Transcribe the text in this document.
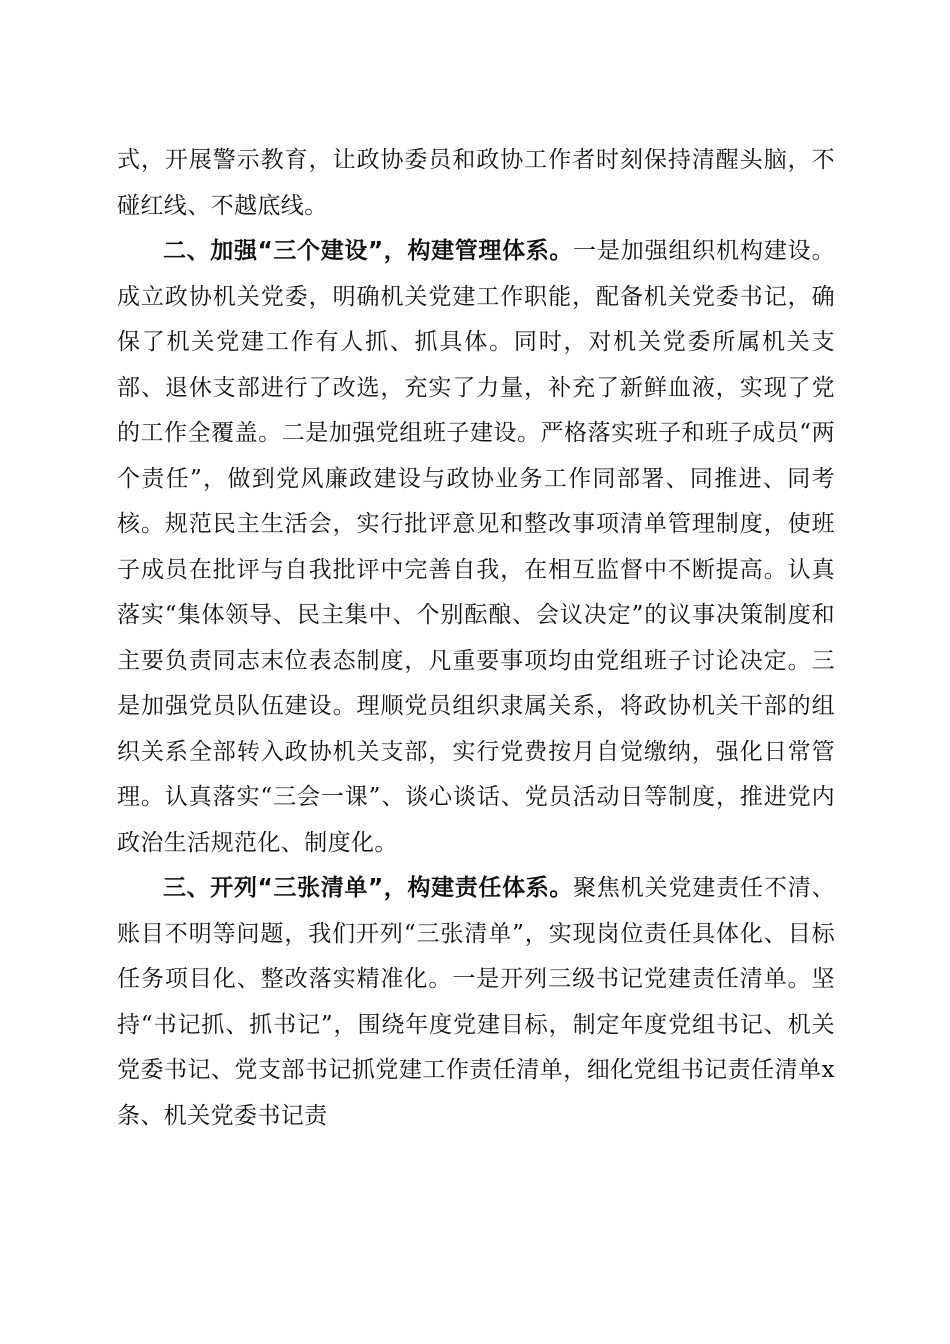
式，开展警示教育，让政协委员和政协工作者时刻保持清醒头脑，不碰红线、不越底线。

二、加强“三个建设”，构建管理体系。一是加强组织机构建设。成立政协机关党委，明确机关党建工作职能，配备机关党委书记，确保了机关党建工作有人抓、抓具体。同时，对机关党委所属机关支部、退休支部进行了改选，充实了力量，补充了新鲜血液，实现了党的工作全覆盖。二是加强党组班子建设。严格落实班子和班子成员“两个责任”，做到党风廉政建设与政协业务工作同部署、同推进、同考核。规范民主生活会，实行批评意见和整改事项清单管理制度，使班子成员在批评与自我批评中完善自我，在相互监督中不断提高。认真落实“集体领导、民主集中、个别酝酿、会议决定”的议事决策制度和主要负责同志末位表态制度，凡重要事项均由党组班子讨论决定。三是加强党员队伍建设。理顺党员组织隶属关系，将政协机关干部的组织关系全部转入政协机关支部，实行党费按月自觉缴纳，强化日常管理。认真落实“三会一课”、谈心谈话、党员活动日等制度，推进党内政治生活规范化、制度化。

三、开列“三张清单”，构建责任体系。聚焦机关党建责任不清、账目不明等问题，我们开列“三张清单”，实现岗位责任具体化、目标任务项目化、整改落实精准化。一是开列三级书记党建责任清单。坚持“书记抓、抓书记”，围绕年度党建目标，制定年度党组书记、机关党委书记、党支部书记抓党建工作责任清单，细化党组书记责任清单x条、机关党委书记责
